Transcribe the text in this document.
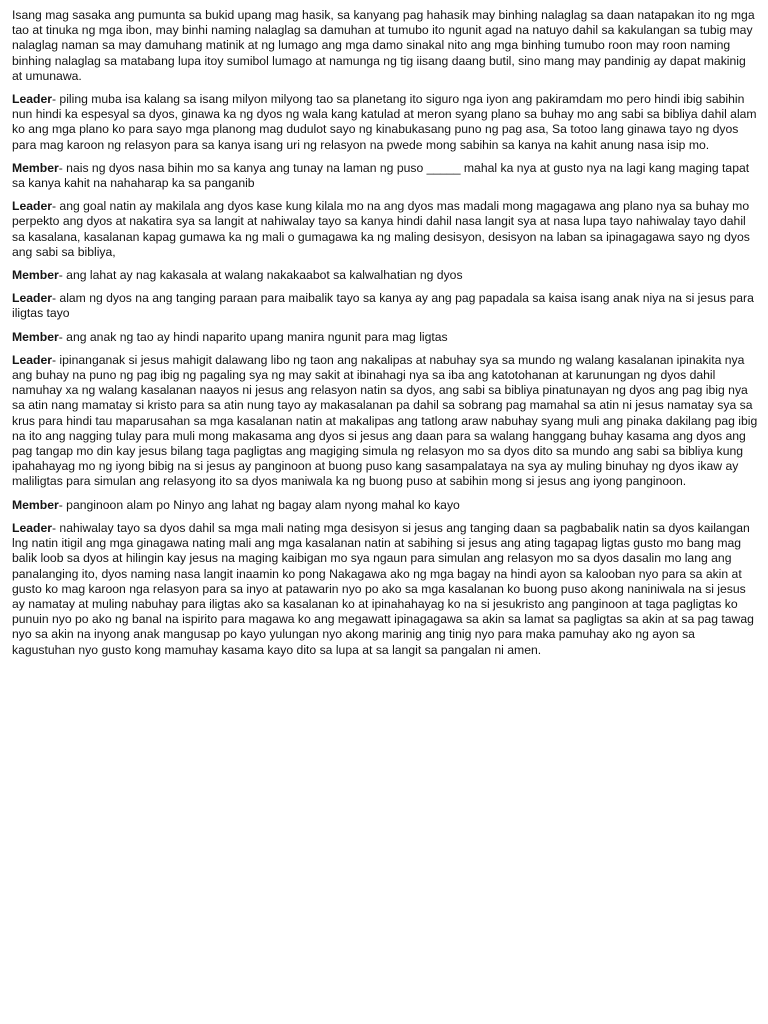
Isang mag sasaka ang pumunta sa bukid upang mag hasik, sa kanyang pag hahasik may binhing nalaglag sa daan natapakan ito ng mga tao at tinuka ng mga ibon, may binhi naming nalaglag sa damuhan at tumubo ito ngunit agad na natuyo dahil sa kakulangan sa tubig may nalaglag naman sa may damuhang matinik at ng lumago ang mga damo sinakal nito ang mga binhing tumubo roon may roon naming binhing nalaglag sa matabang lupa itoy sumibol lumago at namunga ng tig iisang daang butil, sino mang may pandinig ay dapat makinig at umunawa.

Leader- piling muba isa kalang sa isang milyon milyong tao sa planetang ito siguro nga iyon ang pakiramdam mo pero hindi ibig sabihin nun hindi ka espesyal sa dyos, ginawa ka ng dyos ng wala kang katulad at meron syang plano sa buhay mo ang sabi sa bibliya dahil alam ko ang mga plano ko para sayo mga planong mag dudulot sayo ng kinabukasang puno ng pag asa, Sa totoo lang ginawa tayo ng dyos para mag karoon ng relasyon para sa kanya isang uri ng relasyon na pwede mong sabihin sa kanya na kahit anung nasa isip mo.

Member- nais ng dyos nasa bihin mo sa kanya ang tunay na laman ng puso _____ mahal ka nya at gusto nya na lagi kang maging tapat sa kanya kahit na nahaharap ka sa panganib

Leader- ang goal natin ay makilala ang dyos kase kung kilala mo na ang dyos mas madali mong magagawa ang plano nya sa buhay mo perpekto ang dyos at nakatira sya sa langit at nahiwalay tayo sa kanya hindi dahil nasa langit sya at nasa lupa tayo nahiwalay tayo dahil sa kasalana, kasalanan kapag gumawa ka ng mali o gumagawa ka ng maling desisyon, desisyon na laban sa ipinagagawa sayo ng dyos ang sabi sa bibliya,

Member- ang lahat ay nag kakasala at walang nakakaabot sa kalwalhatian ng dyos

Leader- alam ng dyos na ang tanging paraan para maibalik tayo sa kanya ay ang pag papadala sa kaisa isang anak niya na si jesus para iligtas tayo

Member- ang anak ng tao ay hindi naparito upang manira ngunit para mag ligtas

Leader- ipinanganak si jesus mahigit dalawang libo ng taon ang nakalipas at nabuhay sya sa mundo ng walang kasalanan ipinakita nya ang buhay na puno ng pag ibig ng pagaling sya ng may sakit at ibinahagi nya sa iba ang katotohanan at karunungan ng dyos dahil namuhay xa ng walang kasalanan naayos ni jesus ang relasyon natin sa dyos, ang sabi sa bibliya pinatunayan ng dyos ang pag ibig nya sa atin nang mamatay si kristo para sa atin nung tayo ay makasalanan pa dahil sa sobrang pag mamahal sa atin ni jesus namatay sya sa krus para hindi tau maparusahan sa mga kasalanan natin at makalipas ang tatlong araw nabuhay syang muli ang pinaka dakilang pag ibig na ito ang nagging tulay para muli mong makasama ang dyos si jesus ang daan para sa walang hanggang buhay kasama ang dyos ang pag tangap mo din kay jesus bilang taga pagligtas ang magiging simula ng relasyon mo sa dyos dito sa mundo ang sabi sa bibliya kung ipahahayag mo ng iyong bibig na si jesus ay panginoon at buong puso kang sasampalataya na sya ay muling binuhay ng dyos ikaw ay maliligtas para simulan ang relasyong ito sa dyos maniwala ka ng buong puso at sabihin mong si jesus ang iyong panginoon.

Member- panginoon alam po Ninyo ang lahat ng bagay alam nyong mahal ko kayo

Leader- nahiwalay tayo sa dyos dahil sa mga mali nating mga desisyon si jesus ang tanging daan sa pagbabalik natin sa dyos kailangan lng natin itigil ang mga ginagawa nating mali ang mga kasalanan natin at sabihing si jesus ang ating tagapag ligtas gusto mo bang mag balik loob sa dyos at hilingin kay jesus na maging kaibigan mo sya ngaun para simulan ang relasyon mo sa dyos dasalin mo lang ang panalanging ito, dyos naming nasa langit inaamin ko pong Nakagawa ako ng mga bagay na hindi ayon sa kalooban nyo para sa akin at gusto ko mag karoon nga relasyon para sa inyo at patawarin nyo po ako sa mga kasalanan ko buong puso akong naniniwala na si jesus ay namatay at muling nabuhay para iligtas ako sa kasalanan ko at ipinahahayag ko na si jesukristo ang panginoon at taga pagligtas ko punuin nyo po ako ng banal na ispirito para magawa ko ang megawatt ipinagagawa sa akin sa lamat sa pagligtas sa akin at sa pag tawag nyo sa akin na inyong anak mangusap po kayo yulungan nyo akong marinig ang tinig nyo para maka pamuhay ako ng ayon sa kagustuhan nyo gusto kong mamuhay kasama kayo dito sa lupa at sa langit sa pangalan ni amen.
